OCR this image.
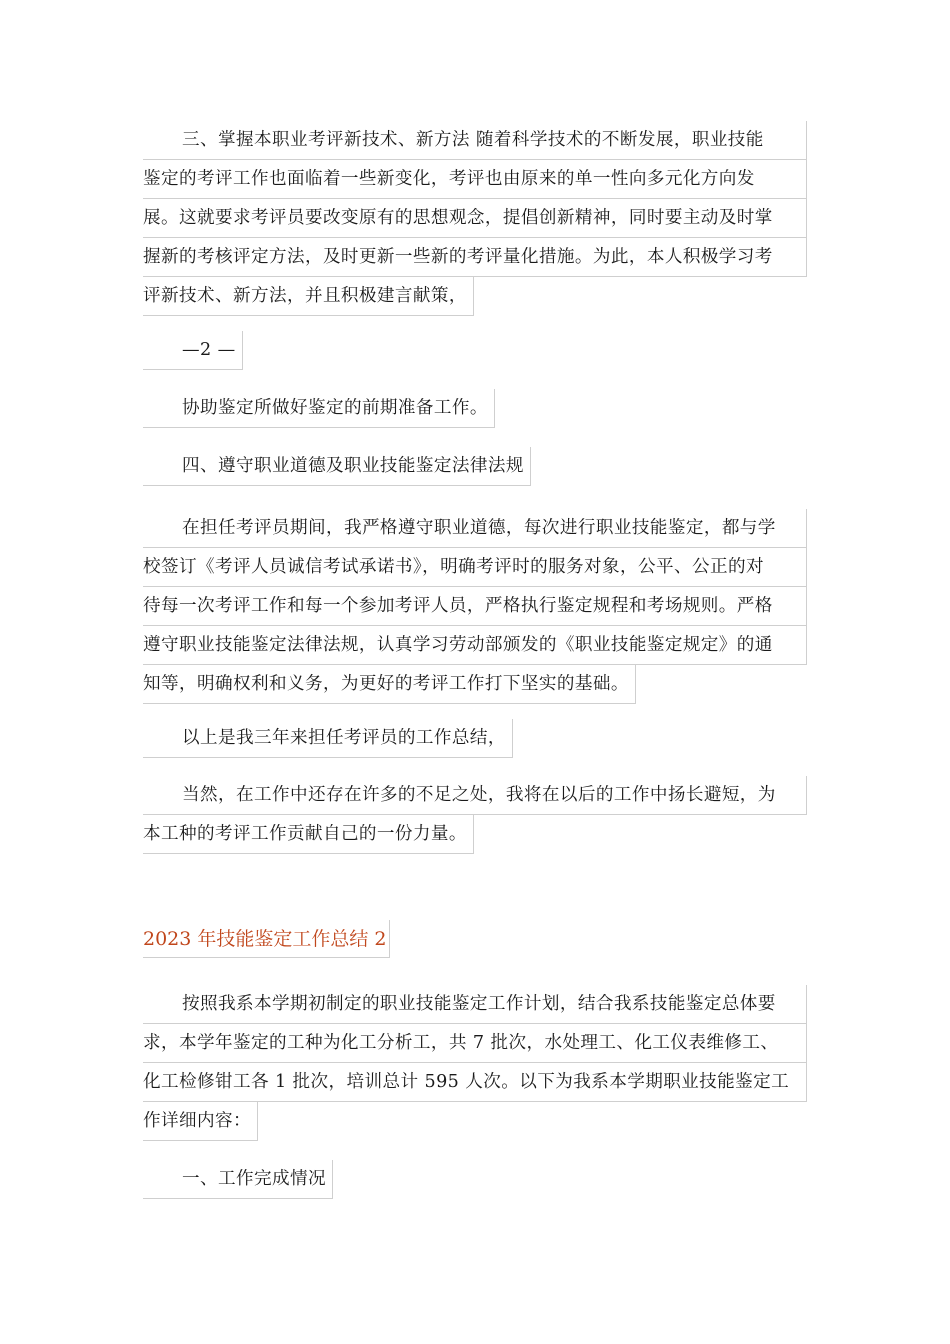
三、掌握本职业考评新技术、新方法 随着科学技术的不断发展，职业技能
鉴定的考评工作也面临着一些新变化，考评也由原来的单一性向多元化方向发
展。这就要求考评员要改变原有的思想观念，提倡创新精神，同时要主动及时掌
握新的考核评定方法，及时更新一些新的考评量化措施。为此，本人积极学习考
评新技术、新方法，并且积极建言献策，
—2 —
协助鉴定所做好鉴定的前期准备工作。
四、遵守职业道德及职业技能鉴定法律法规
在担任考评员期间，我严格遵守职业道德，每次进行职业技能鉴定，都与学
校签订《考评人员诚信考试承诺书》，明确考评时的服务对象，公平、公正的对
待每一次考评工作和每一个参加考评人员，严格执行鉴定规程和考场规则。严格
遵守职业技能鉴定法律法规，认真学习劳动部颁发的《职业技能鉴定规定》的通
知等，明确权利和义务，为更好的考评工作打下坚实的基础。
以上是我三年来担任考评员的工作总结，
当然，在工作中还存在许多的不足之处，我将在以后的工作中扬长避短，为
本工种的考评工作贡献自己的一份力量。
2023 年技能鉴定工作总结 2
按照我系本学期初制定的职业技能鉴定工作计划，结合我系技能鉴定总体要
求，本学年鉴定的工种为化工分析工，共 7 批次，水处理工、化工仪表维修工、
化工检修钳工各 1 批次，培训总计 595 人次。以下为我系本学期职业技能鉴定工
作详细内容：
一、工作完成情况
